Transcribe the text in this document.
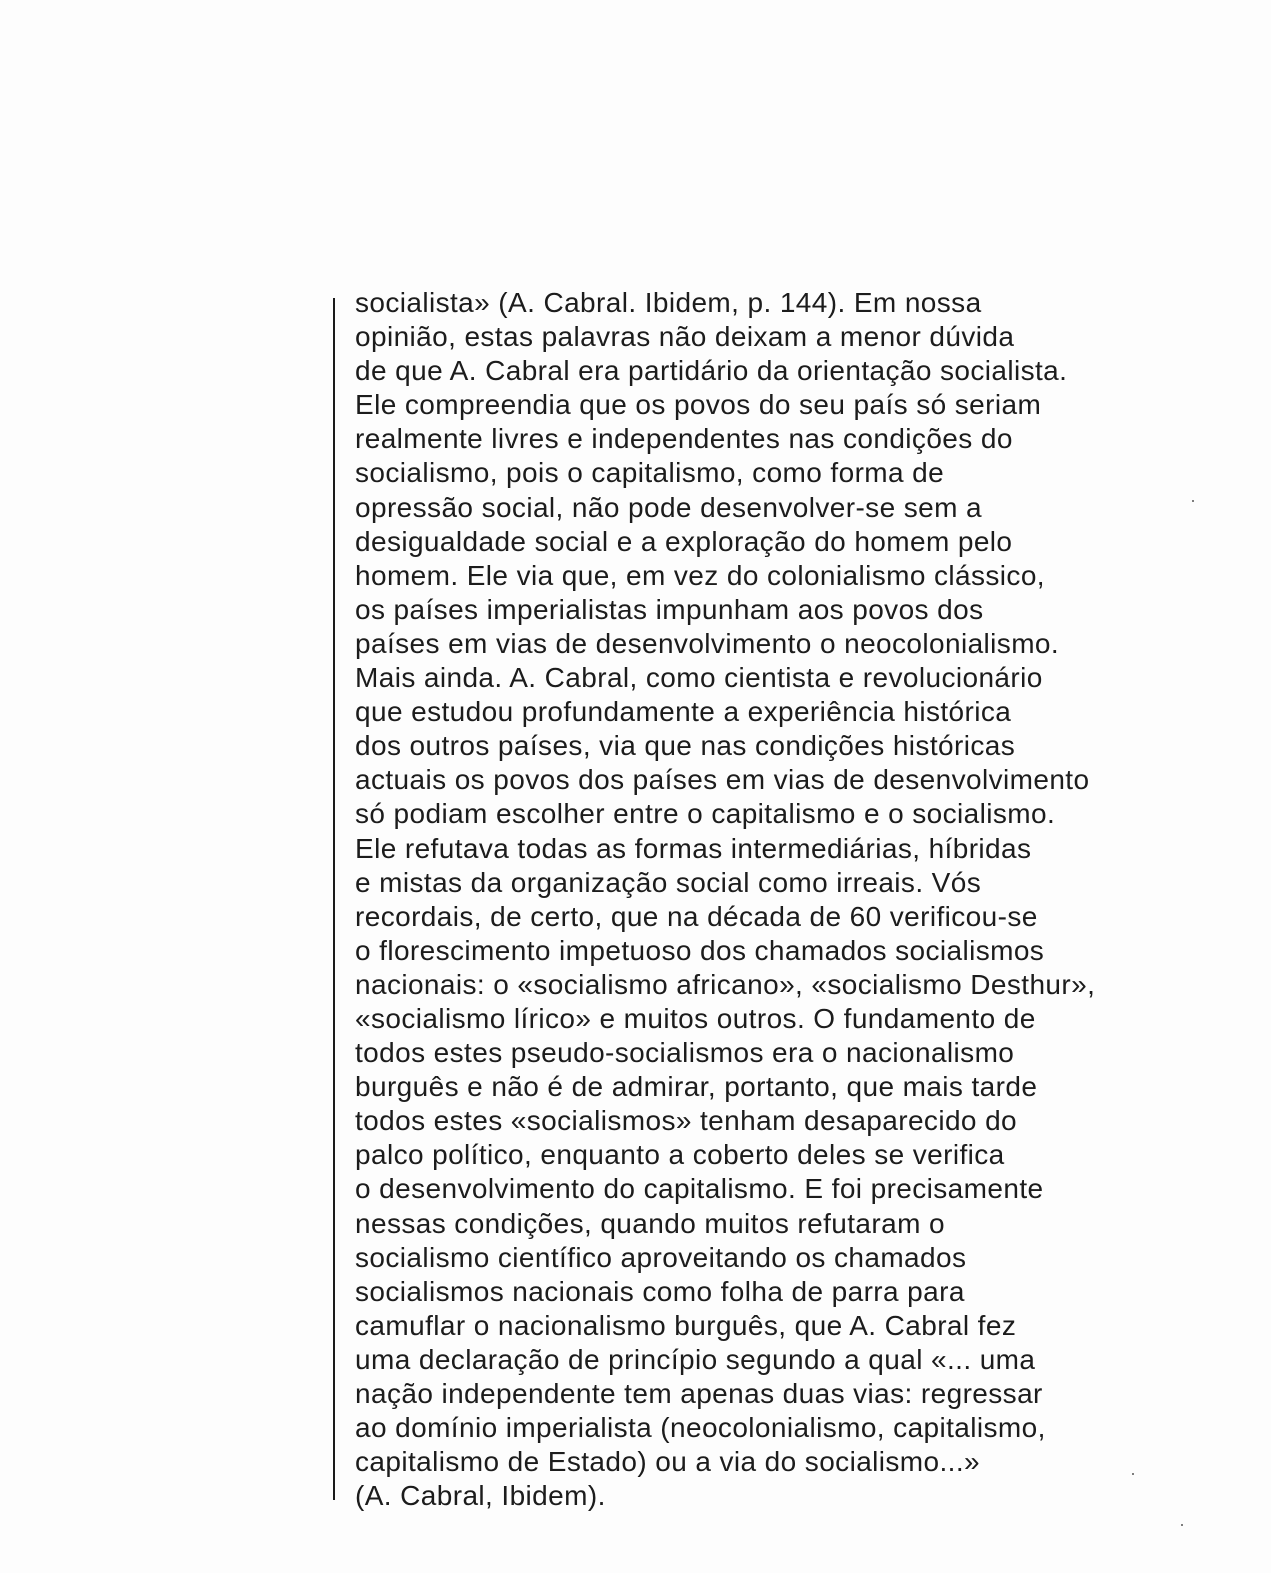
socialista» (A. Cabral. Ibidem, p. 144). Em nossa
opinião, estas palavras não deixam a menor dúvida
de que A. Cabral era partidário da orientação socialista.
Ele compreendia que os povos do seu país só seriam
realmente livres e independentes nas condições do
socialismo, pois o capitalismo, como forma de
opressão social, não pode desenvolver-se sem a
desigualdade social e a exploração do homem pelo
homem. Ele via que, em vez do colonialismo clássico,
os países imperialistas impunham aos povos dos
países em vias de desenvolvimento o neocolonialismo.
Mais ainda. A. Cabral, como cientista e revolucionário
que estudou profundamente a experiência histórica
dos outros países, via que nas condições históricas
actuais os povos dos países em vias de desenvolvimento
só podiam escolher entre o capitalismo e o socialismo.
Ele refutava todas as formas intermediárias, híbridas
e mistas da organização social como irreais. Vós
recordais, de certo, que na década de 60 verificou-se
o florescimento impetuoso dos chamados socialismos
nacionais: o «socialismo africano», «socialismo Desthur»,
«socialismo lírico» e muitos outros. O fundamento de
todos estes pseudo-socialismos era o nacionalismo
burguês e não é de admirar, portanto, que mais tarde
todos estes «socialismos» tenham desaparecido do
palco político, enquanto a coberto deles se verifica
o desenvolvimento do capitalismo. E foi precisamente
nessas condições, quando muitos refutaram o
socialismo científico aproveitando os chamados
socialismos nacionais como folha de parra para
camuflar o nacionalismo burguês, que A. Cabral fez
uma declaração de princípio segundo a qual «... uma
nação independente tem apenas duas vias: regressar
ao domínio imperialista (neocolonialismo, capitalismo,
capitalismo de Estado) ou a via do socialismo...»
(A. Cabral, Ibidem).
